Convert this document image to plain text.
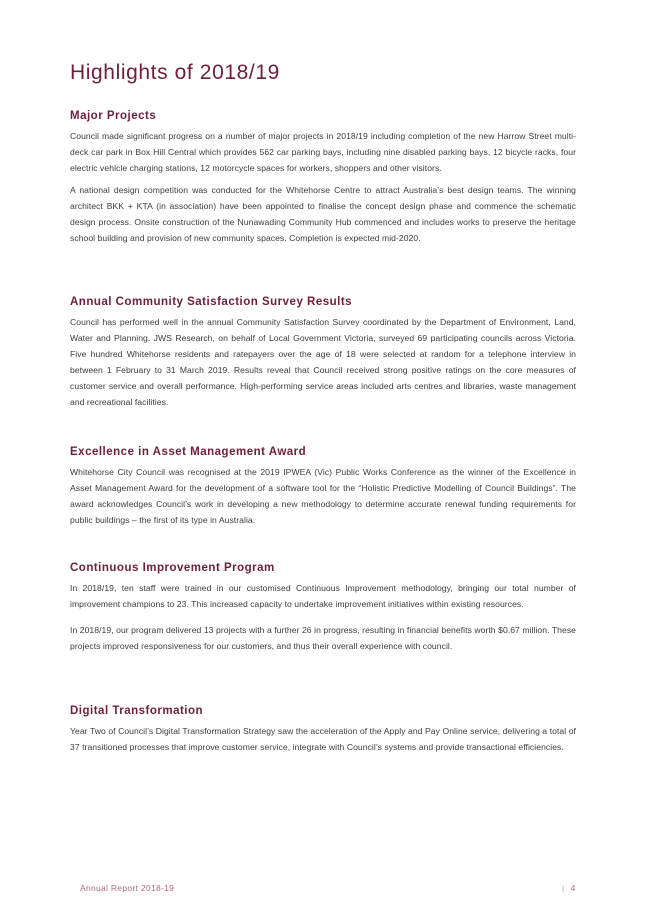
Highlights of 2018/19
Major Projects

Council made significant progress on a number of major projects in 2018/19 including completion of the new Harrow Street multi-deck car park in Box Hill Central which provides 562 car parking bays, including nine disabled parking bays, 12 bicycle racks, four electric vehicle charging stations, 12 motorcycle spaces for workers, shoppers and other visitors.

A national design competition was conducted for the Whitehorse Centre to attract Australia’s best design teams. The winning architect BKK + KTA (in association) have been appointed to finalise the concept design phase and commence the schematic design process. Onsite construction of the Nunawading Community Hub commenced and includes works to preserve the heritage school building and provision of new community spaces. Completion is expected mid-2020.

Annual Community Satisfaction Survey Results

Council has performed well in the annual Community Satisfaction Survey coordinated by the Department of Environment, Land, Water and Planning. JWS Research, on behalf of Local Government Victoria, surveyed 69 participating councils across Victoria. Five hundred Whitehorse residents and ratepayers over the age of 18 were selected at random for a telephone interview in between 1 February to 31 March 2019. Results reveal that Council received strong positive ratings on the core measures of customer service and overall performance. High-performing service areas included arts centres and libraries, waste management and recreational facilities.

Excellence in Asset Management Award

Whitehorse City Council was recognised at the 2019 IPWEA (Vic) Public Works Conference as the winner of the Excellence in Asset Management Award for the development of a software tool for the “Holistic Predictive Modelling of Council Buildings”. The award acknowledges Council’s work in developing a new methodology to determine accurate renewal funding requirements for public buildings – the first of its type in Australia.

Continuous Improvement Program

In 2018/19, ten staff were trained in our customised Continuous Improvement methodology, bringing our total number of improvement champions to 23. This increased capacity to undertake improvement initiatives within existing resources.

In 2018/19, our program delivered 13 projects with a further 26 in progress, resulting in financial benefits worth $0.67 million. These projects improved responsiveness for our customers, and thus their overall experience with council.

Digital Transformation

Year Two of Council’s Digital Transformation Strategy saw the acceleration of the Apply and Pay Online service, delivering a total of 37 transitioned processes that improve customer service, integrate with Council’s systems and provide transactional efficiencies.

Annual Report 2018-19	| 4
